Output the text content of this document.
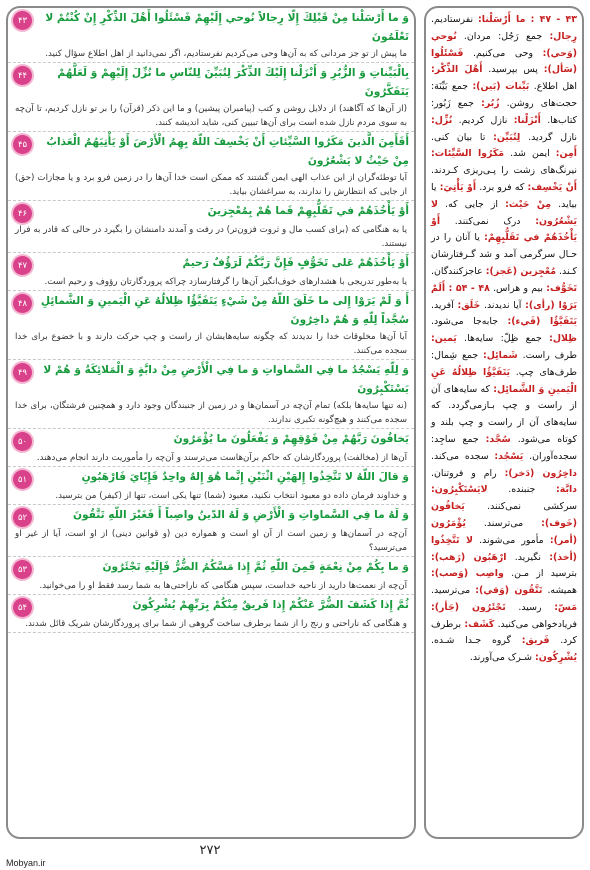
۴۳	وَ ما أَرْسَلْنا مِنْ قَبْلِكَ إِلّا رِجالاً نُوحي إِلَيْهِمْ فَسْئَلُوا أَهْلَ الذِّكْرِ إِنْ كُنْتُمْ لا تَعْلَمُونَ
ما پیش از تو جز مردانی که به آن‌ها وحی می‌کردیم نفرستادیم، اگر نمی‌دانید از اهل اطلاع سؤال کنید.
۴۴	بِالْبَيِّناتِ وَ الزُّبُرِ وَ أَنْزَلْنا إِلَيْكَ الذِّكْرَ لِتُبَيِّنَ لِلنّاسِ ما نُزِّلَ إِلَيْهِمْ وَ لَعَلَّهُمْ يَتَفَكَّرُونَ
(از آن‌ها که آگاهند) از دلایل روشن و کتب (پیامبران پیشین) و ما این ذکر (قرآن) را بر تو نازل کردیم، تا آن‌چه به سوی مردم نازل شده است برای آن‌ها تبیین کنی، شاید اندیشه کنند.
۴۵	أَفَأَمِنَ الَّذينَ مَكَرُوا السَّيِّئاتِ أَنْ يَخْسِفَ اللّهُ بِهِمُ الْأَرْضَ أَوْ يَأْتِيَهُمُ الْعَذابُ مِنْ حَيْثُ لا يَشْعُرُونَ
آیا توطئه‌گران از این عذاب الهی ایمن گشتند که ممکن است خدا آن‌ها را در زمین فرو برد و یا مجازات (حق) از جایی که انتظارش را ندارند، به سراغشان بیاید.
۴۶	أَوْ يَأْخُذَهُمْ في تَقَلُّبِهِمْ فَما هُمْ بِمُعْجِزينَ
یا به هنگامی که (برای کسب مال و ثروت فزون‌تر) در رفت و آمدند دامنشان را بگیرد در حالی که قادر به فرار نیستند.
۴۷	أَوْ يَأْخُذَهُمْ عَلى تَخَوُّفٍ فَإِنَّ رَبَّكُمْ لَرَؤُفٌ رَحيمٌ
یا به‌طور تدریجی با هشدارهای خوف‌انگیز آن‌ها را گرفتارسازد چراکه پروردگارتان رؤوف و رحیم است.
۴۸	أَ وَ لَمْ يَرَوْا إِلى ما خَلَقَ اللّهُ مِنْ شَيْءٍ يَتَفَيَّؤُا ظِلالُهُ عَنِ الْيَمينِ وَ الشَّمائِلِ سُجَّداً لِلّهِ وَ هُمْ داخِرُونَ
آیا آن‌ها مخلوقات خدا را ندیدند که چگونه سایه‌هایشان از راست و چپ حرکت دارند و با خضوع برای خدا سجده می‌کنند.
۴۹	وَ لِلّهِ يَسْجُدُ ما فِي السَّماواتِ وَ ما فِي الْأَرْضِ مِنْ دابَّةٍ وَ الْمَلائِكَةُ وَ هُمْ لا يَسْتَكْبِرُونَ
(نه تنها سایه‌ها بلکه) تمام آن‌چه در آسمان‌ها و در زمین از جنبندگان وجود دارد و همچنین فرشتگان، برای خدا سجده می‌کنند و هیچ‌گونه تکبری ندارند.
۵۰	يَخافُونَ رَبَّهُمْ مِنْ فَوْقِهِمْ وَ يَفْعَلُونَ ما يُؤْمَرُونَ
آن‌ها از (مخالفت) پروردگارشان که حاکم برآن‌هاست می‌ترسند و آن‌چه را مأموریت دارند انجام می‌دهند.
۵۱	وَ قالَ اللّهُ لا تَتَّخِذُوا إِلهَيْنِ اثْنَيْنِ إِنَّما هُوَ إِلهٌ واحِدٌ فَإِيّايَ فَارْهَبُونِ
و خداوند فرمان داده دو معبود انتخاب نکنید، معبود (شما) تنها یکی است، تنها از (کیفر) من بترسید.
۵۲	وَ لَهُ ما فِي السَّماواتِ وَ الْأَرْضِ وَ لَهُ الدّينُ واصِباً أَ فَغَيْرَ اللّهِ تَتَّقُونَ
آن‌چه در آسمان‌ها و زمین است از آن او است و همواره دین (و قوانین دینی) از او است، آیا از غیر او می‌ترسید؟
۵۳	وَ ما بِكُمْ مِنْ نِعْمَةٍ فَمِنَ اللّهِ ثُمَّ إِذا مَسَّكُمُ الضُّرُّ فَإِلَيْهِ تَجْئَرُونَ
آن‌چه از نعمت‌ها دارید از ناحیه خداست، سپس هنگامی که ناراحتی‌ها به شما رسد فقط او را می‌خوانید.
۵۴	ثُمَّ إِذا كَشَفَ الضُّرَّ عَنْكُمْ إِذا فَريقٌ مِنْكُمْ بِرَبِّهِمْ يُشْرِكُونَ
و هنگامی که ناراحتی و رنج را از شما برطرف ساخت گروهی از شما برای پروردگارشان شریک قائل شدند.
۴۳ - ۴۷ : ما أَرْسَلْنا: نفرستادیم. رِجال: جمع رَجُل: مردان. نُوحي (وَحي): وحی می‌کنیم. فَسْئَلُوا (سَأل): پس بپرسید. أَهْلَ الذِّكْر: اهل اطلاع. بَيِّنات (بَين): جمع بَيِّنَة: حجت‌های روشن. زُبُر: جمع زَبُور: کتاب‌ها. أَنْزَلْنا: نازل کردیم. نُزِّل: نازل گردید. لِتُبَيِّن: تا بیان کنی. أَمِن: ایمن شد. مَكَرُوا السَّيِّئات: نیرنگ‌های زشت را پـی‌ریزی کـردند. أَنْ يَخْسِف: که فرو برد. أَوْ يَأْتِيَ: یا بیاید. مِنْ حَيْث: از جایی که. لا يَشْعُرُون: درک نمی‌کنند. أَوْ يَأْخُذَهُمْ في تَقَلُّبِهِمْ: یا آنان را در حـال سرگرمی آمد و شد گـرفتارشان کـند. مُعْجِزين (عَجز): عاجزکنندگان. تَخَوُّف: بیم و هراس. ۴۸ - ۵۴ : أَلَمْ يَرَوْا (رأی): آیا ندیدند. خَلَق: آفرید. يَتَفَيَّؤُا (فَيء): جابه‌جا می‌شود. ظِلال: جمع ظِلّ: سایه‌ها. يَمين: طرف راست. شَمائِل: جمع شِمال: طرف‌های چپ. يَتَفَيَّؤُا ظِلالُهُ عَنِ الْيَمينِ وَ الشَّمائِل: که سایه‌های آن از راست و چپ بـازمی‌گردد. که سایه‌های آن از راست و چپ بلند و کوتاه می‌شود. سُجَّد: جمع ساجِد: سجده‌آوران. يَسْجُد: سجده می‌کند. داخِرُون (دَخر): رام و فروتنان. دابَّة: جنبنده. لايَسْتَكْبِرُون: سرکشی نمی‌کنند. يَخافُون (خَوف): می‌ترسند. يُؤْمَرُون (أمر): مأمور می‌شوند. لا تَتَّخِذُوا (أخذ): نگیرید. ارْهَبُون (رَهب): بترسید از مـن. واصِب (وَصب): همیشه. تَتَّقُون (وَقي): می‌ترسید. مَسّ: رسید. تَجْئَرُون (جَأر): فریادخواهی می‌کنید. كَشَف: برطرف کرد. فَريق: گروه جـدا شـده. يُشْرِكُون: شـرک می‌آورند.
۲۷۲
Mobyan.ir
